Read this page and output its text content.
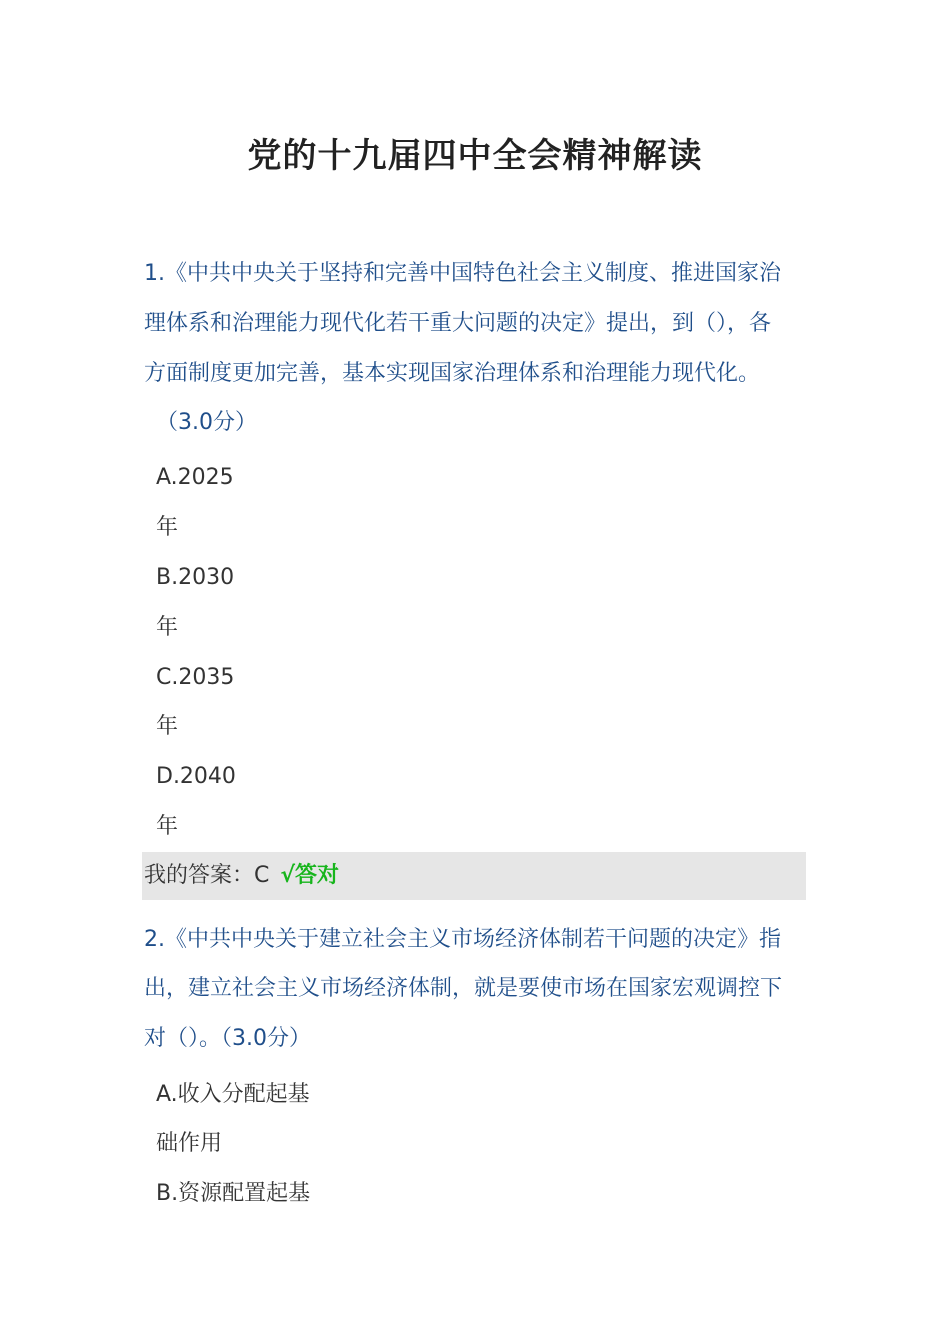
党的十九届四中全会精神解读
1.《中共中央关于坚持和完善中国特色社会主义制度、推进国家治
理体系和治理能力现代化若干重大问题的决定》提出，到（），各
方面制度更加完善，基本实现国家治理体系和治理能力现代化。
（3.0分）
A.2025
年
B.2030
年
C.2035
年
D.2040
年
我的答案：C √答对
2.《中共中央关于建立社会主义市场经济体制若干问题的决定》指
出，建立社会主义市场经济体制，就是要使市场在国家宏观调控下
对（）。（3.0分）
A.收入分配起基
础作用
B.资源配置起基
